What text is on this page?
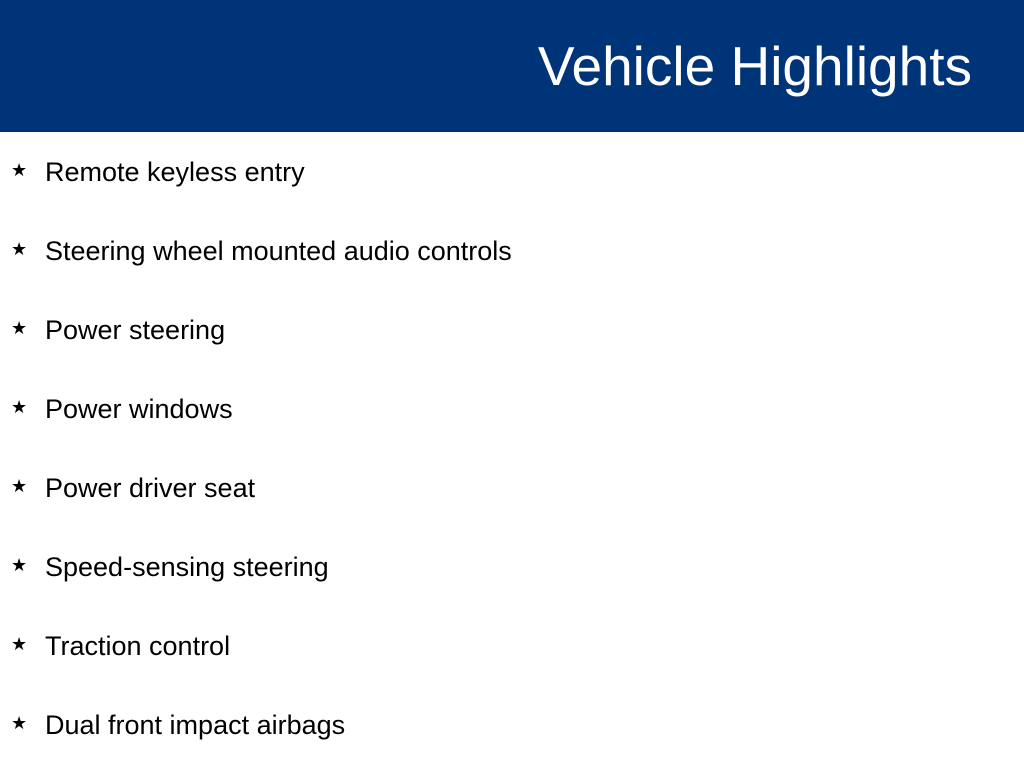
Vehicle Highlights
★ Remote keyless entry
★ Steering wheel mounted audio controls
★ Power steering
★ Power windows
★ Power driver seat
★ Speed-sensing steering
★ Traction control
★ Dual front impact airbags
